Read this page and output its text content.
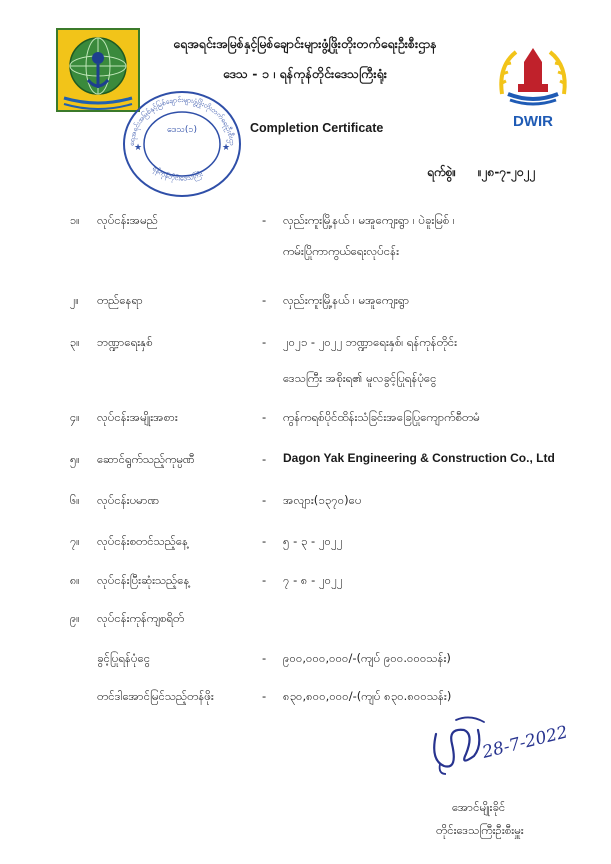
ရေအရင်းအမြစ်နှင့်မြစ်ချောင်းများဖွံ့ဖြိုးတိုးတက်ရေးဦးစီးဌာန
ဒေသ - ၁ ၊ ရန်ကုန်တိုင်းဒေသကြီးရုံး
DWIR
ရေအရင်းအမြစ်နှင့်မြစ်ချောင်းများဖွံ့ဖြိုးတိုးတက်ရေးဦးစီးဌာန
ရန်ကုန်တိုင်းဒေသကြီး
ဒေသ(၁)
★	★
Completion Certificate
ရက်စွဲ။ ။၂၈-၇-၂၀၂၂
၁။ လုပ်ငန်းအမည်	- လှည်းကူးမြို့နယ် ၊ မအူကျေးရွာ ၊ ပဲခူးမြစ် ၊
ကမ်းပြိုကာကွယ်ရေးလုပ်ငန်း
၂။ တည်နေရာ	- လှည်းကူးမြို့နယ် ၊ မအူကျေးရွာ
၃။ ဘဏ္ဍာရေးနှစ်	- ၂၀၂၁ - ၂၀၂၂ ဘဏ္ဍာရေးနှစ်၊ ရန်ကုန်တိုင်း
ဒေသကြီး အစိုးရ၏ မူလခွင့်ပြုရန်ပုံငွေ
၄။ လုပ်ငန်းအမျိုးအစား	- ကွန်ကရစ်ပိုင်ထိန်းသံခြင်းအခြေပြုကျောက်စီတမံ
၅။ ဆောင်ရွက်သည့်ကုမ္ပဏီ	- Dagon Yak Engineering & Construction Co., Ltd
၆။ လုပ်ငန်းပမာဏ	- အလျား(၁၃၇၀)ပေ
၇။ လုပ်ငန်းစတင်သည့်နေ့	- ၅ - ၃ - ၂၀၂၂
၈။ လုပ်ငန်းပြီးဆုံးသည့်နေ့	- ၇ - ၈ - ၂၀၂၂
၉။ လုပ်ငန်းကုန်ကျစရိတ်
ခွင့်ပြုရန်ပုံငွေ	- ၉၀၀,၀၀၀,၀၀၀/-(ကျပ် ၉၀၀.၀၀၀သန်း)
တင်ဒါအောင်မြင်သည့်တန်ဖိုး	- ၈၃၀,၈၀၀,၀၀၀/-(ကျပ် ၈၃၀.၈၀၀သန်း)
28-7-2022
အောင်မျိုးခိုင်
တိုင်းဒေသကြီးဦးစီးမှူး
